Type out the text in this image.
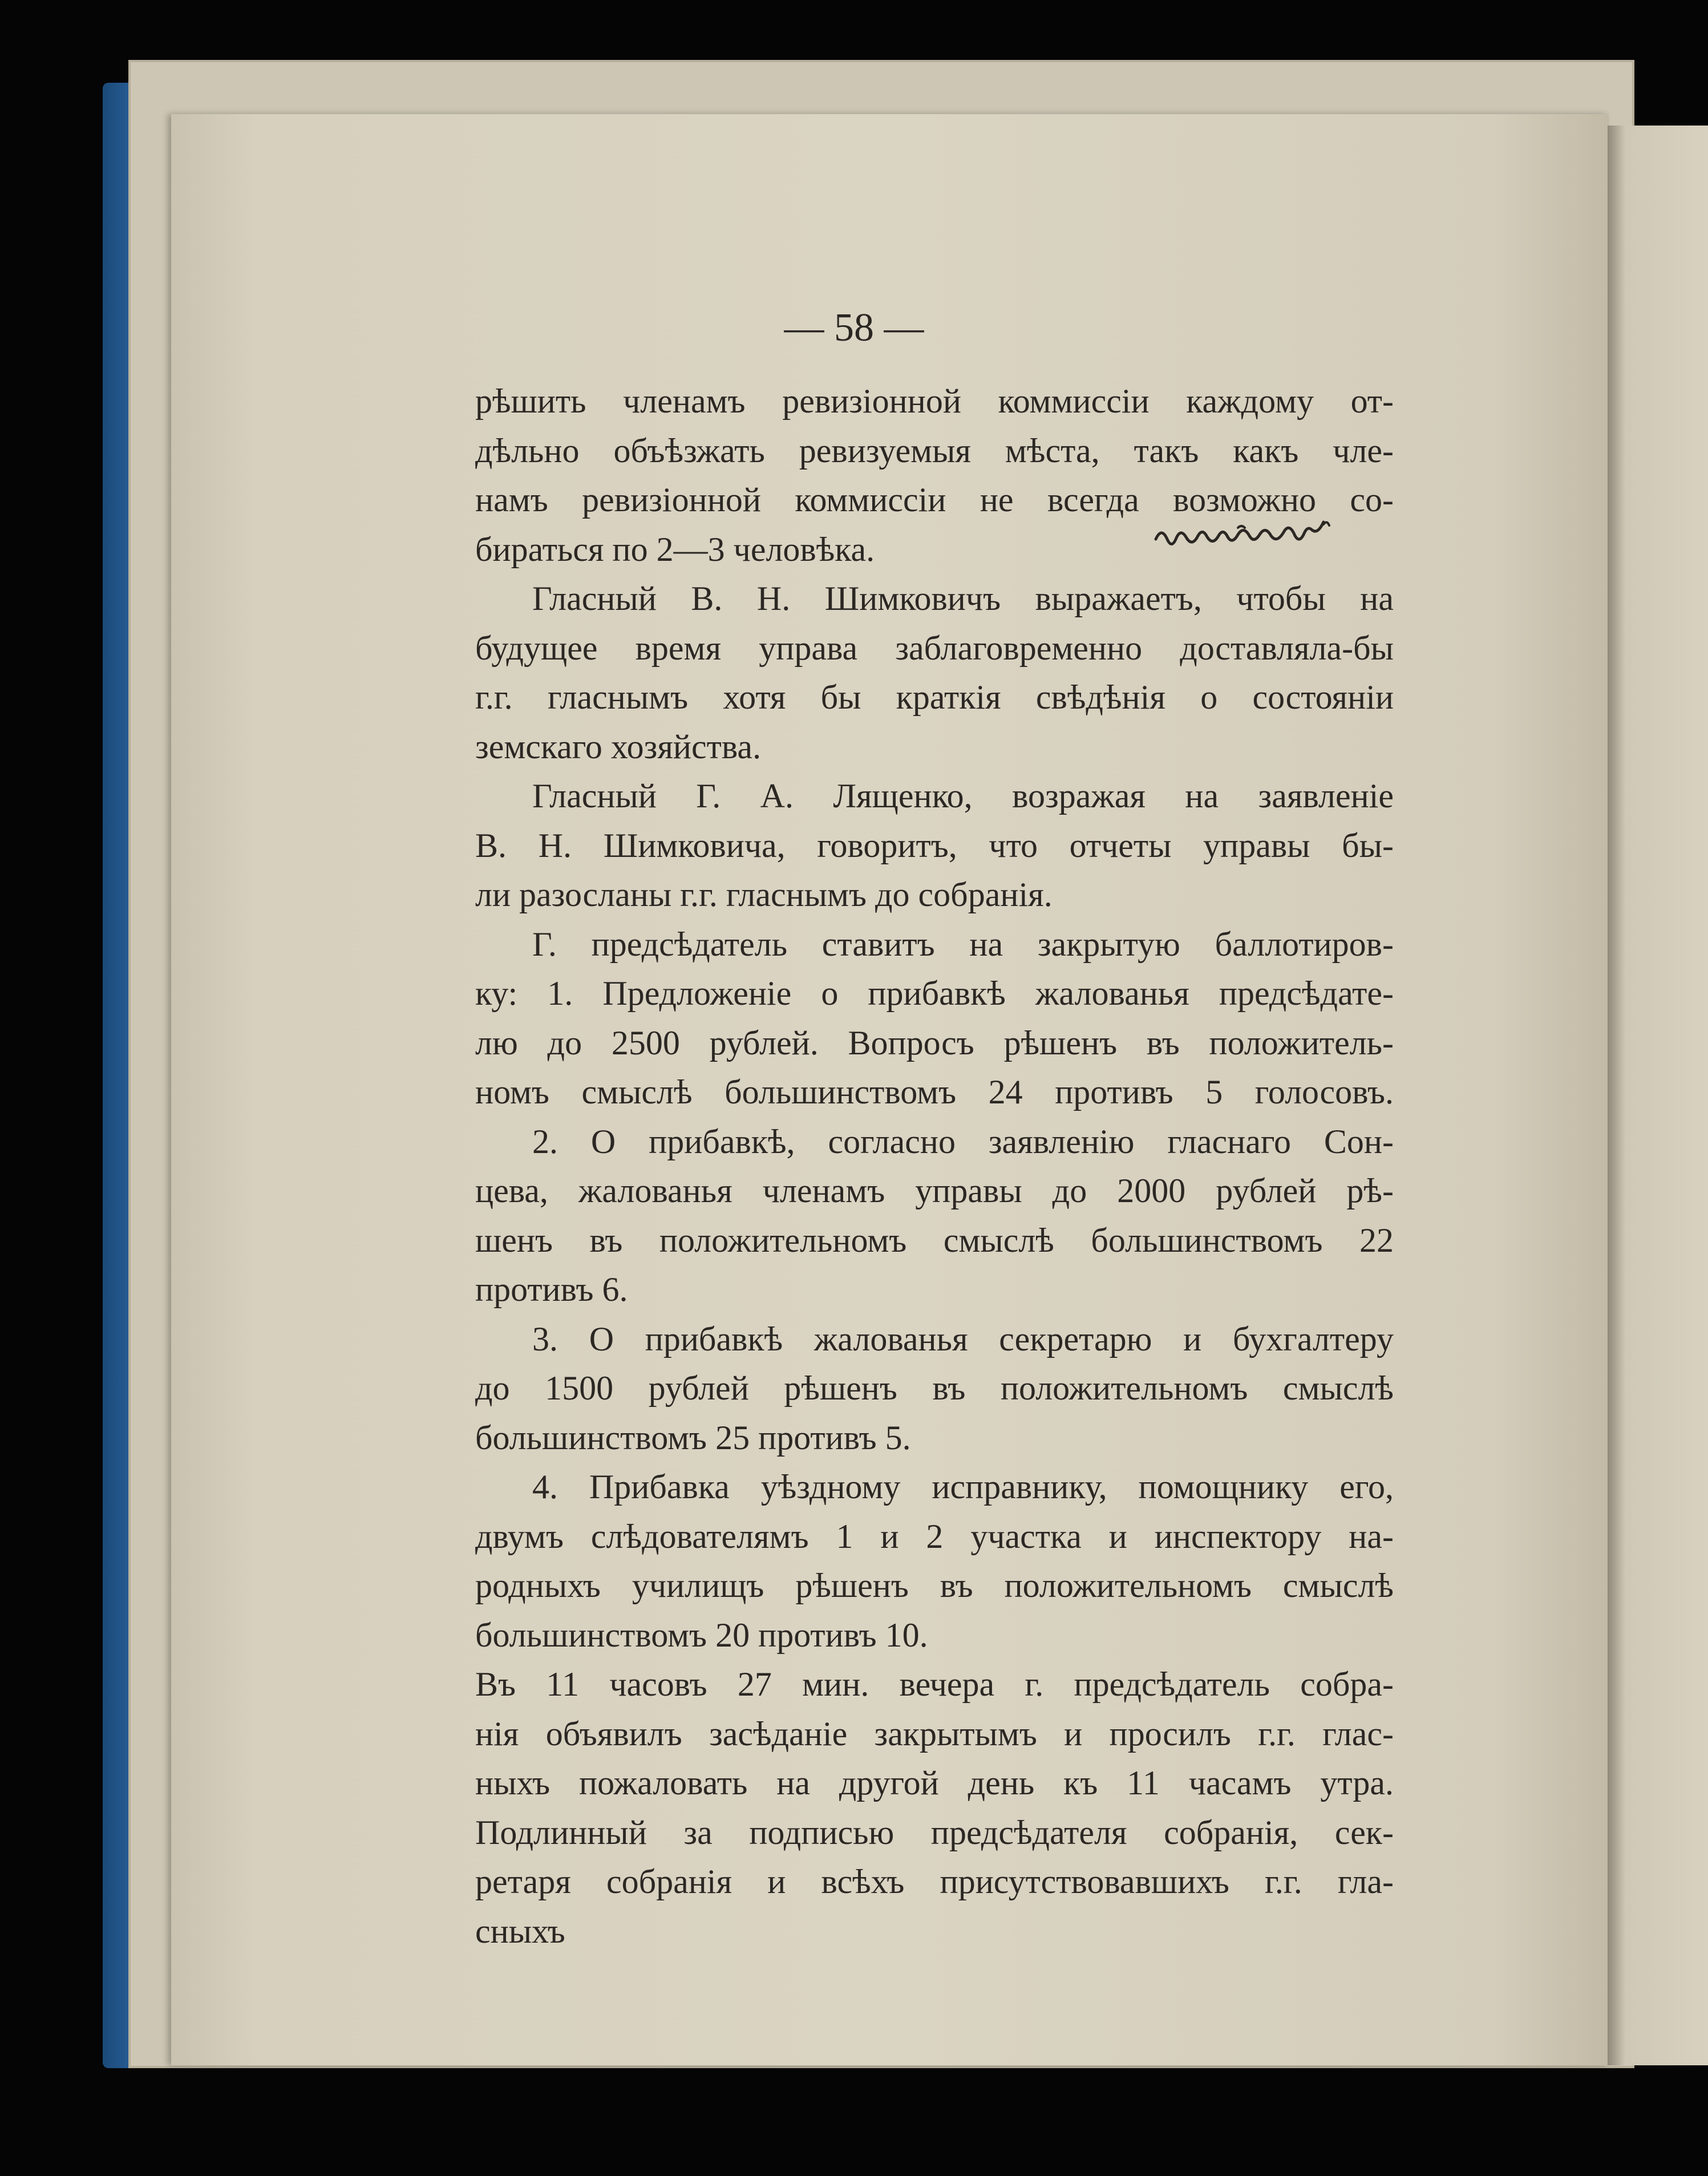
— 58 —
рѣшить членамъ ревизіонной коммиссіи каждому от-
дѣльно объѣзжать ревизуемыя мѣста, такъ какъ чле-
намъ ревизіонной коммиссіи не всегда возможно со-
бираться по 2—3 человѣка.
Гласный В. Н. Шимковичъ выражаетъ, чтобы на
будущее время управа заблаговременно доставляла-бы
г.г. гласнымъ хотя бы краткія свѣдѣнія о состояніи
земскаго хозяйства.
Гласный Г. А. Лященко, возражая на заявленіе
В. Н. Шимковича, говоритъ, что отчеты управы бы-
ли разосланы г.г. гласнымъ до собранія.
Г. предсѣдатель ставитъ на закрытую баллотиров-
ку: 1. Предложеніе о прибавкѣ жалованья предсѣдате-
лю до 2500 рублей. Вопросъ рѣшенъ въ положитель-
номъ смыслѣ большинствомъ 24 противъ 5 голосовъ.
2. О прибавкѣ, согласно заявленію гласнаго Сон-
цева, жалованья членамъ управы до 2000 рублей рѣ-
шенъ въ положительномъ смыслѣ большинствомъ 22
противъ 6.
3. О прибавкѣ жалованья секретарю и бухгалтеру
до 1500 рублей рѣшенъ въ положительномъ смыслѣ
большинствомъ 25 противъ 5.
4. Прибавка уѣздному исправнику, помощнику его,
двумъ слѣдователямъ 1 и 2 участка и инспектору на-
родныхъ училищъ рѣшенъ въ положительномъ смыслѣ
большинствомъ 20 противъ 10.
Въ 11 часовъ 27 мин. вечера г. предсѣдатель собра-
нія объявилъ засѣданіе закрытымъ и просилъ г.г. глас-
ныхъ пожаловать на другой день къ 11 часамъ утра.
Подлинный за подписью предсѣдателя собранія, сек-
ретаря собранія и всѣхъ присутствовавшихъ г.г. гла-
сныхъ
